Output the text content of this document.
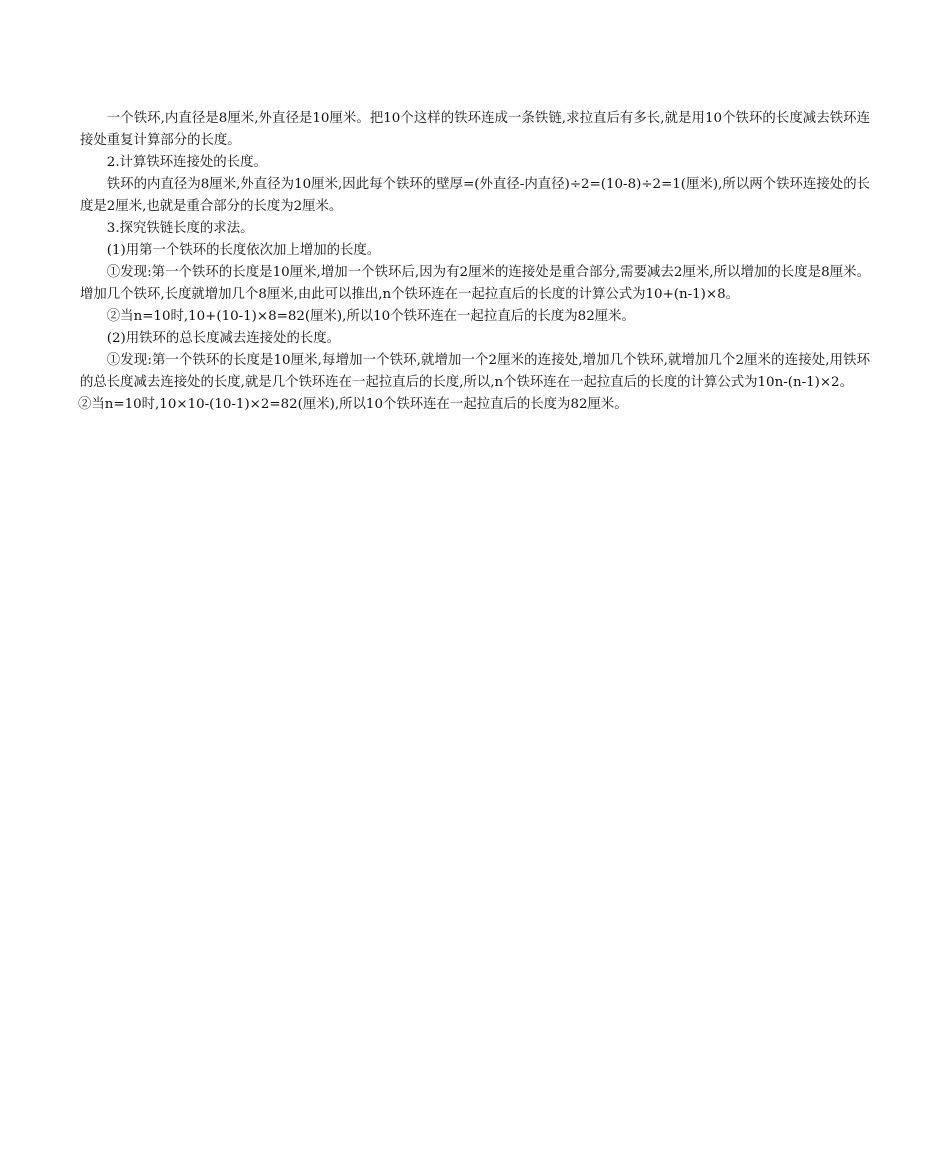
一个铁环,内直径是8厘米,外直径是10厘米。把10个这样的铁环连成一条铁链,求拉直后有多长,就是用10个铁环的长度减去铁环连接处重复计算部分的长度。

2.计算铁环连接处的长度。

铁环的内直径为8厘米,外直径为10厘米,因此每个铁环的壁厚=(外直径-内直径)÷2=(10-8)÷2=1(厘米),所以两个铁环连接处的长度是2厘米,也就是重合部分的长度为2厘米。

3.探究铁链长度的求法。

(1)用第一个铁环的长度依次加上增加的长度。

①发现:第一个铁环的长度是10厘米,增加一个铁环后,因为有2厘米的连接处是重合部分,需要减去2厘米,所以增加的长度是8厘米。增加几个铁环,长度就增加几个8厘米,由此可以推出,n个铁环连在一起拉直后的长度的计算公式为10+(n-1)×8。

②当n=10时,10+(10-1)×8=82(厘米),所以10个铁环连在一起拉直后的长度为82厘米。

(2)用铁环的总长度减去连接处的长度。

①发现:第一个铁环的长度是10厘米,每增加一个铁环,就增加一个2厘米的连接处,增加几个铁环,就增加几个2厘米的连接处,用铁环的总长度减去连接处的长度,就是几个铁环连在一起拉直后的长度,所以,n个铁环连在一起拉直后的长度的计算公式为10n-(n-1)×2。

②当n=10时,10×10-(10-1)×2=82(厘米),所以10个铁环连在一起拉直后的长度为82厘米。
